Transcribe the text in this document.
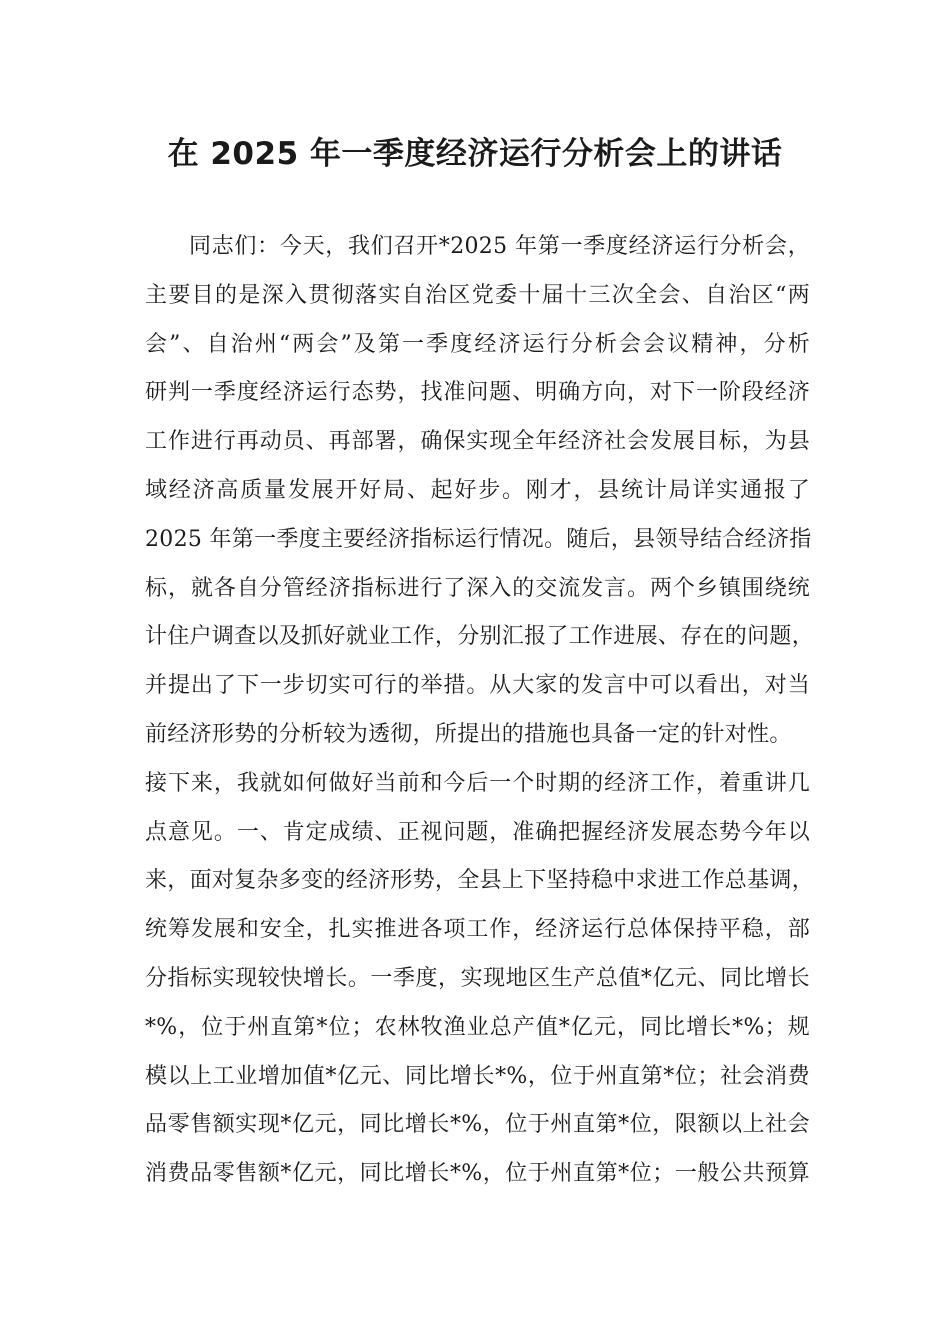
在 2025 年一季度经济运行分析会上的讲话
同志们：今天，我们召开*2025 年第一季度经济运行分析会，
主要目的是深入贯彻落实自治区党委十届十三次全会、自治区“两
会”、自治州“两会”及第一季度经济运行分析会会议精神，分析
研判一季度经济运行态势，找准问题、明确方向，对下一阶段经济
工作进行再动员、再部署，确保实现全年经济社会发展目标，为县
域经济高质量发展开好局、起好步。刚才，县统计局详实通报了
2025 年第一季度主要经济指标运行情况。随后，县领导结合经济指
标，就各自分管经济指标进行了深入的交流发言。两个乡镇围绕统
计住户调查以及抓好就业工作，分别汇报了工作进展、存在的问题，
并提出了下一步切实可行的举措。从大家的发言中可以看出，对当
前经济形势的分析较为透彻，所提出的措施也具备一定的针对性。
接下来，我就如何做好当前和今后一个时期的经济工作，着重讲几
点意见。一、肯定成绩、正视问题，准确把握经济发展态势今年以
来，面对复杂多变的经济形势，全县上下坚持稳中求进工作总基调，
统筹发展和安全，扎实推进各项工作，经济运行总体保持平稳，部
分指标实现较快增长。一季度，实现地区生产总值*亿元、同比增长
*%，位于州直第*位；农林牧渔业总产值*亿元，同比增长*%；规
模以上工业增加值*亿元、同比增长*%，位于州直第*位；社会消费
品零售额实现*亿元，同比增长*%，位于州直第*位，限额以上社会
消费品零售额*亿元，同比增长*%，位于州直第*位；一般公共预算
